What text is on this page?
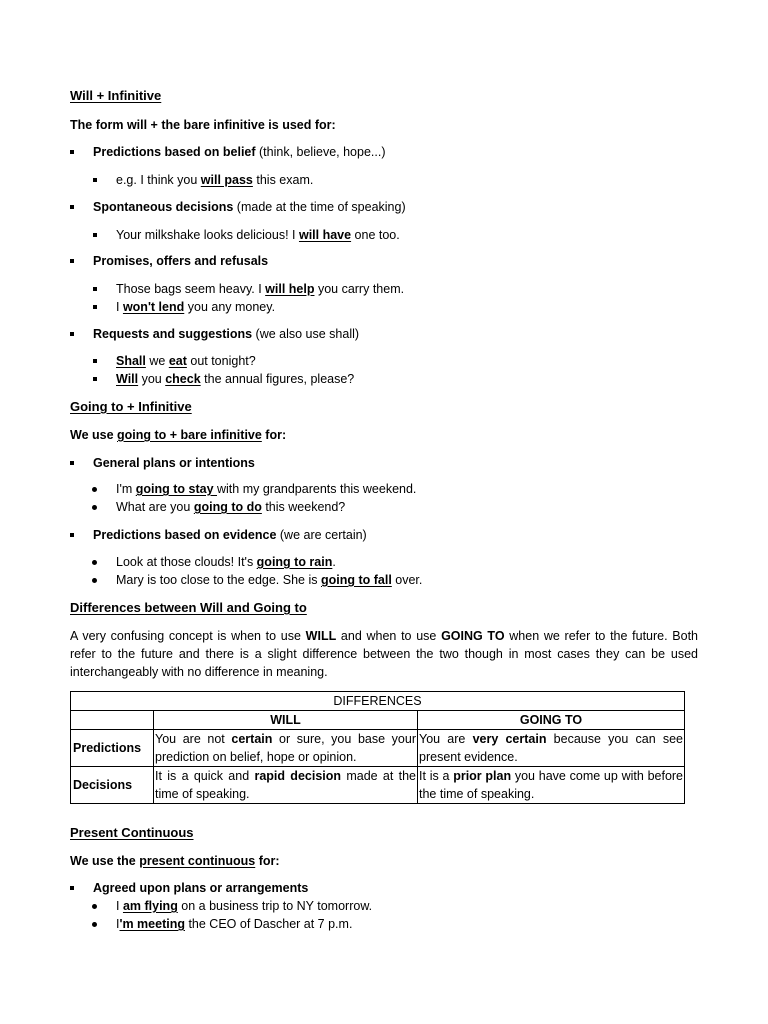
Will + Infinitive
The form will + the bare infinitive is used for:
Predictions based on belief (think, believe, hope...)
e.g. I think you will pass this exam.
Spontaneous decisions (made at the time of speaking)
Your milkshake looks delicious! I will have one too.
Promises, offers and refusals
Those bags seem heavy. I will help you carry them.
I won't lend you any money.
Requests and suggestions (we also use shall)
Shall we eat out tonight?
Will you check the annual figures, please?
Going to + Infinitive
We use going to + bare infinitive for:
General plans or intentions
I'm going to stay with my grandparents this weekend.
What are you going to do this weekend?
Predictions based on evidence (we are certain)
Look at those clouds! It's going to rain.
Mary is too close to the edge. She is going to fall over.
Differences between Will and Going to
A very confusing concept is when to use WILL and when to use GOING TO when we refer to the future. Both refer to the future and there is a slight difference between the two though in most cases they can be used interchangeably with no difference in meaning.
DIFFERENCES		
	WILL	GOING TO
Predictions	You are not certain or sure, you base your prediction on belief, hope or opinion.	You are very certain because you can see present evidence.
Decisions	It is a quick and rapid decision made at the time of speaking.	It is a prior plan you have come up with before the time of speaking.
Present Continuous
We use the present continuous for:
Agreed upon plans or arrangements
I am flying on a business trip to NY tomorrow.
I'm meeting the CEO of Dascher at 7 p.m.
